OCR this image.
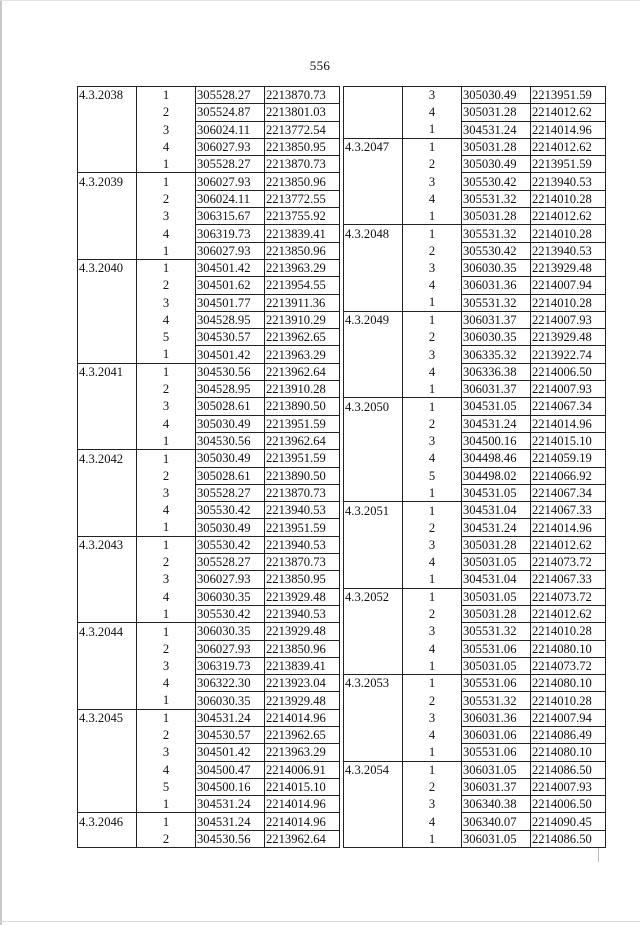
556
4.3.2038	1	305528.27	2213870.73
	2	305524.87	2213801.03
	3	306024.11	2213772.54
	4	306027.93	2213850.95
	1	305528.27	2213870.73
4.3.2039	1	306027.93	2213850.96
	2	306024.11	2213772.55
	3	306315.67	2213755.92
	4	306319.73	2213839.41
	1	306027.93	2213850.96
4.3.2040	1	304501.42	2213963.29
	2	304501.62	2213954.55
	3	304501.77	2213911.36
	4	304528.95	2213910.29
	5	304530.57	2213962.65
	1	304501.42	2213963.29
4.3.2041	1	304530.56	2213962.64
	2	304528.95	2213910.28
	3	305028.61	2213890.50
	4	305030.49	2213951.59
	1	304530.56	2213962.64
4.3.2042	1	305030.49	2213951.59
	2	305028.61	2213890.50
	3	305528.27	2213870.73
	4	305530.42	2213940.53
	1	305030.49	2213951.59
4.3.2043	1	305530.42	2213940.53
	2	305528.27	2213870.73
	3	306027.93	2213850.95
	4	306030.35	2213929.48
	1	305530.42	2213940.53
4.3.2044	1	306030.35	2213929.48
	2	306027.93	2213850.96
	3	306319.73	2213839.41
	4	306322.30	2213923.04
	1	306030.35	2213929.48
4.3.2045	1	304531.24	2214014.96
	2	304530.57	2213962.65
	3	304501.42	2213963.29
	4	304500.47	2214006.91
	5	304500.16	2214015.10
	1	304531.24	2214014.96
4.3.2046	1	304531.24	2214014.96
	2	304530.56	2213962.64
	3	305030.49	2213951.59
	4	305031.28	2214012.62
	1	304531.24	2214014.96
4.3.2047	1	305031.28	2214012.62
	2	305030.49	2213951.59
	3	305530.42	2213940.53
	4	305531.32	2214010.28
	1	305031.28	2214012.62
4.3.2048	1	305531.32	2214010.28
	2	305530.42	2213940.53
	3	306030.35	2213929.48
	4	306031.36	2214007.94
	1	305531.32	2214010.28
4.3.2049	1	306031.37	2214007.93
	2	306030.35	2213929.48
	3	306335.32	2213922.74
	4	306336.38	2214006.50
	1	306031.37	2214007.93
4.3.2050	1	304531.05	2214067.34
	2	304531.24	2214014.96
	3	304500.16	2214015.10
	4	304498.46	2214059.19
	5	304498.02	2214066.92
	1	304531.05	2214067.34
4.3.2051	1	304531.04	2214067.33
	2	304531.24	2214014.96
	3	305031.28	2214012.62
	4	305031.05	2214073.72
	1	304531.04	2214067.33
4.3.2052	1	305031.05	2214073.72
	2	305031.28	2214012.62
	3	305531.32	2214010.28
	4	305531.06	2214080.10
	1	305031.05	2214073.72
4.3.2053	1	305531.06	2214080.10
	2	305531.32	2214010.28
	3	306031.36	2214007.94
	4	306031.06	2214086.49
	1	305531.06	2214080.10
4.3.2054	1	306031.05	2214086.50
	2	306031.37	2214007.93
	3	306340.38	2214006.50
	4	306340.07	2214090.45
	1	306031.05	2214086.50
